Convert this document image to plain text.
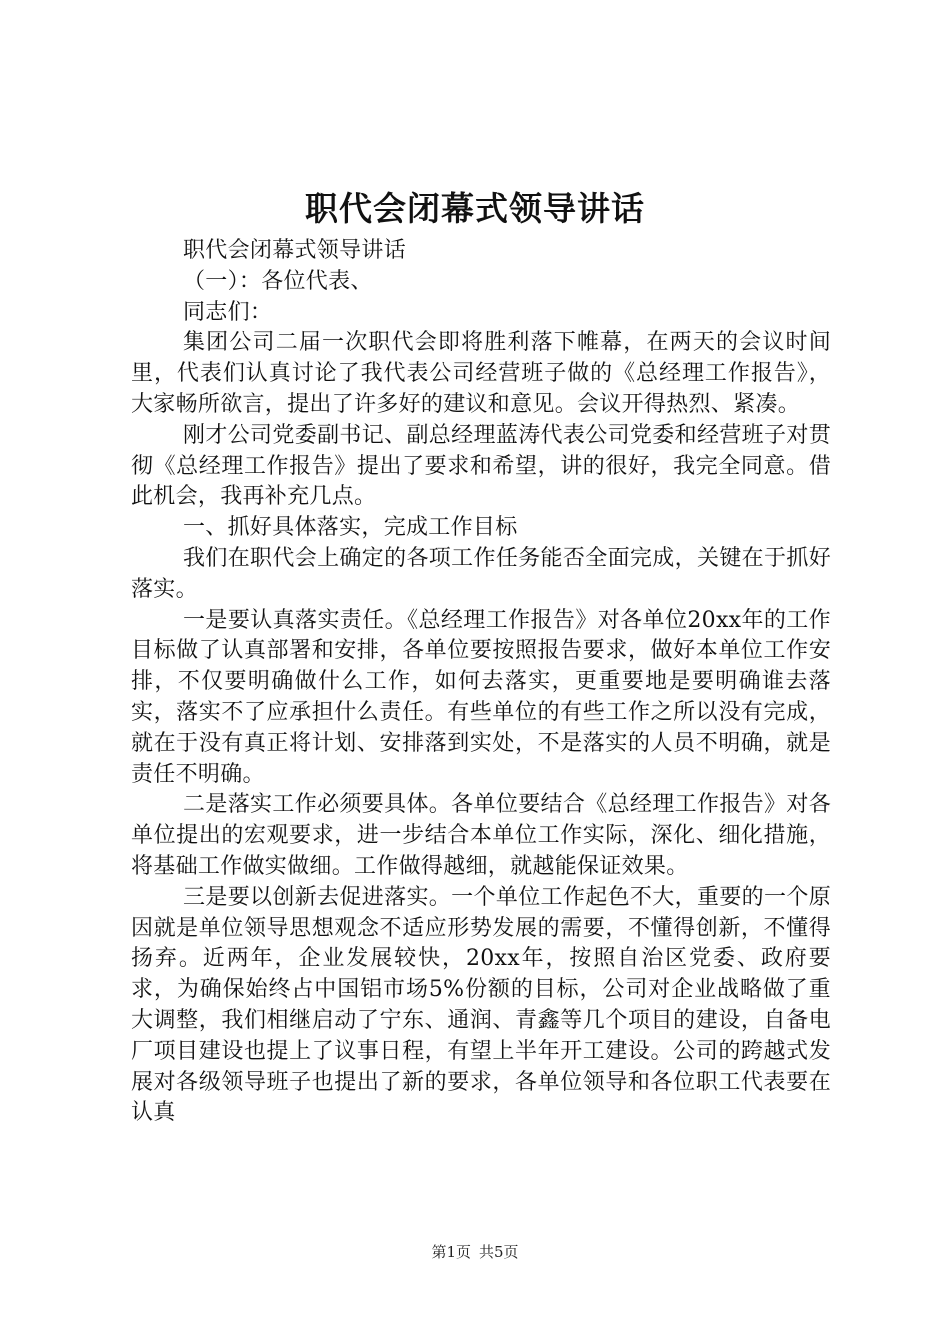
职代会闭幕式领导讲话

职代会闭幕式领导讲话

（一）：各位代表、

同志们：

集团公司二届一次职代会即将胜利落下帷幕，在两天的会议时间里，代表们认真讨论了我代表公司经营班子做的《总经理工作报告》，大家畅所欲言，提出了许多好的建议和意见。会议开得热烈、紧凑。

刚才公司党委副书记、副总经理蓝涛代表公司党委和经营班子对贯彻《总经理工作报告》提出了要求和希望，讲的很好，我完全同意。借此机会，我再补充几点。

一、抓好具体落实，完成工作目标

我们在职代会上确定的各项工作任务能否全面完成，关键在于抓好落实。

一是要认真落实责任。《总经理工作报告》对各单位20xx年的工作目标做了认真部署和安排，各单位要按照报告要求，做好本单位工作安排，不仅要明确做什么工作，如何去落实，更重要地是要明确谁去落实，落实不了应承担什么责任。有些单位的有些工作之所以没有完成，就在于没有真正将计划、安排落到实处，不是落实的人员不明确，就是责任不明确。

二是落实工作必须要具体。各单位要结合《总经理工作报告》对各单位提出的宏观要求，进一步结合本单位工作实际，深化、细化措施，将基础工作做实做细。工作做得越细，就越能保证效果。

三是要以创新去促进落实。一个单位工作起色不大，重要的一个原因就是单位领导思想观念不适应形势发展的需要，不懂得创新，不懂得扬弃。近两年，企业发展较快，20xx年，按照自治区党委、政府要求，为确保始终占中国铝市场5%份额的目标，公司对企业战略做了重大调整，我们相继启动了宁东、通润、青鑫等几个项目的建设，自备电厂项目建设也提上了议事日程，有望上半年开工建设。公司的跨越式发展对各级领导班子也提出了新的要求，各单位领导和各位职工代表要在认真

第1页 共5页
